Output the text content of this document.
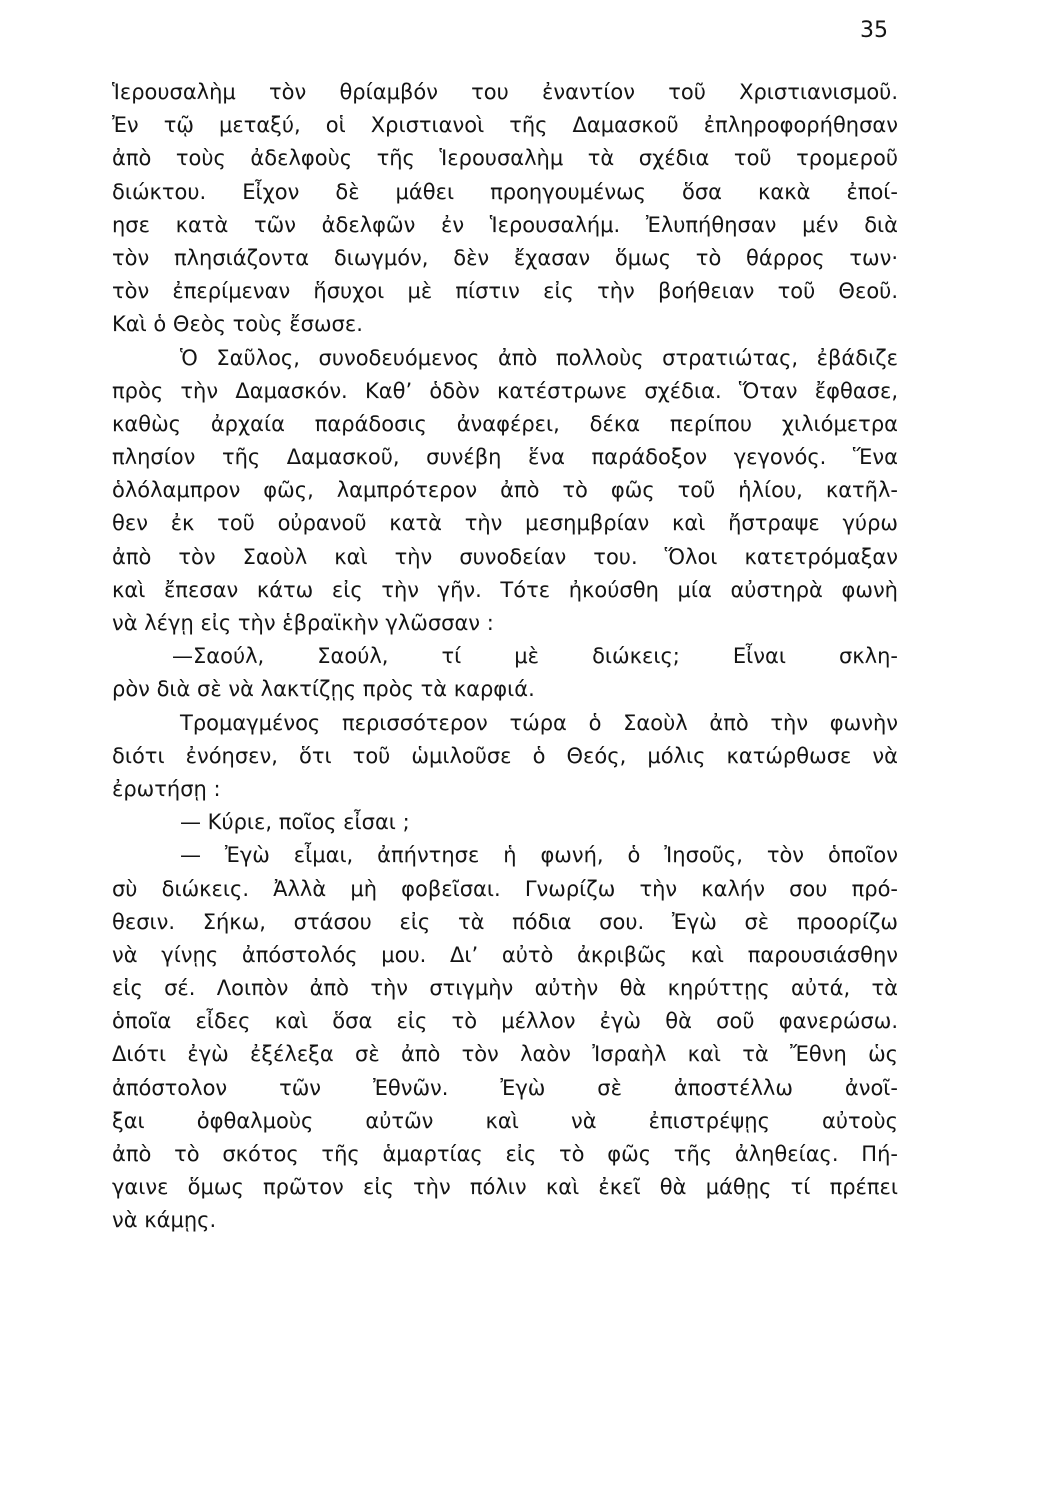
35
Ἱερουσαλὴμ τὸν θρίαμβόν του ἐναντίον τοῦ Χριστιανισμοῦ.
Ἐν τῷ μεταξύ, οἱ Χριστιανοὶ τῆς Δαμασκοῦ ἐπληροφορήθησαν
ἀπὸ τοὺς ἀδελφοὺς τῆς Ἱερουσαλὴμ τὰ σχέδια τοῦ τρομεροῦ
διώκτου. Εἶχον δὲ μάθει προηγουμένως ὅσα κακὰ ἐποί-
ησε κατὰ τῶν ἀδελφῶν ἐν Ἱερουσαλήμ. Ἐλυπήθησαν μέν διὰ
τὸν πλησιάζοντα διωγμόν, δὲν ἔχασαν ὅμως τὸ θάρρος των·
τὸν ἐπερίμεναν ἥσυχοι μὲ πίστιν εἰς τὴν βοήθειαν τοῦ Θεοῦ.
Καὶ ὁ Θεὸς τοὺς ἔσωσε.
Ὁ Σαῦλος, συνοδευόμενος ἀπὸ πολλοὺς στρατιώτας, ἐβάδιζε
πρὸς τὴν Δαμασκόν. Καθ’ ὁδὸν κατέστρωνε σχέδια. Ὅταν ἔφθασε,
καθὼς ἀρχαία παράδοσις ἀναφέρει, δέκα περίπου χιλιόμετρα
πλησίον τῆς Δαμασκοῦ, συνέβη ἕνα παράδοξον γεγονός. Ἕνα
ὁλόλαμπρον φῶς, λαμπρότερον ἀπὸ τὸ φῶς τοῦ ἡλίου, κατῆλ-
θεν ἐκ τοῦ οὐρανοῦ κατὰ τὴν μεσημβρίαν καὶ ἤστραψε γύρω
ἀπὸ τὸν Σαοὺλ καὶ τὴν συνοδείαν του. Ὅλοι κατετρόμαξαν
καὶ ἔπεσαν κάτω εἰς τὴν γῆν. Τότε ἠκούσθη μία αὐστηρὰ φωνὴ
νὰ λέγῃ εἰς τὴν ἑβραϊκὴν γλῶσσαν :
—Σαούλ, Σαούλ, τί μὲ διώκεις; Εἶναι σκλη-
ρὸν διὰ σὲ νὰ λακτίζῃς πρὸς τὰ καρφιά.
Τρομαγμένος περισσότερον τώρα ὁ Σαοὺλ ἀπὸ τὴν φωνὴν
διότι ἐνόησεν, ὅτι τοῦ ὡμιλοῦσε ὁ Θεός, μόλις κατώρθωσε νὰ
ἐρωτήσῃ :
— Κύριε, ποῖος εἶσαι ;
— Ἐγὼ εἶμαι, ἀπήντησε ἡ φωνή, ὁ Ἰησοῦς, τὸν ὁποῖον
σὺ διώκεις. Ἀλλὰ μὴ φοβεῖσαι. Γνωρίζω τὴν καλήν σου πρό-
θεσιν. Σήκω, στάσου εἰς τὰ πόδια σου. Ἐγὼ σὲ προορίζω
νὰ γίνῃς ἀπόστολός μου. Δι’ αὐτὸ ἀκριβῶς καὶ παρουσιάσθην
εἰς σέ. Λοιπὸν ἀπὸ τὴν στιγμὴν αὐτὴν θὰ κηρύττῃς αὐτά, τὰ
ὁποῖα εἶδες καὶ ὅσα εἰς τὸ μέλλον ἐγὼ θὰ σοῦ φανερώσω.
Διότι ἐγὼ ἐξέλεξα σὲ ἀπὸ τὸν λαὸν Ἰσραὴλ καὶ τὰ Ἔθνη ὡς
ἀπόστολον τῶν Ἐθνῶν. Ἐγὼ σὲ ἀποστέλλω ἀνοῖ-
ξαι ὀφθαλμοὺς αὐτῶν καὶ νὰ ἐπιστρέψῃς αὐτοὺς
ἀπὸ τὸ σκότος τῆς ἁμαρτίας εἰς τὸ φῶς τῆς ἀληθείας. Πή-
γαινε ὅμως πρῶτον εἰς τὴν πόλιν καὶ ἐκεῖ θὰ μάθῃς τί πρέπει
νὰ κάμῃς.
